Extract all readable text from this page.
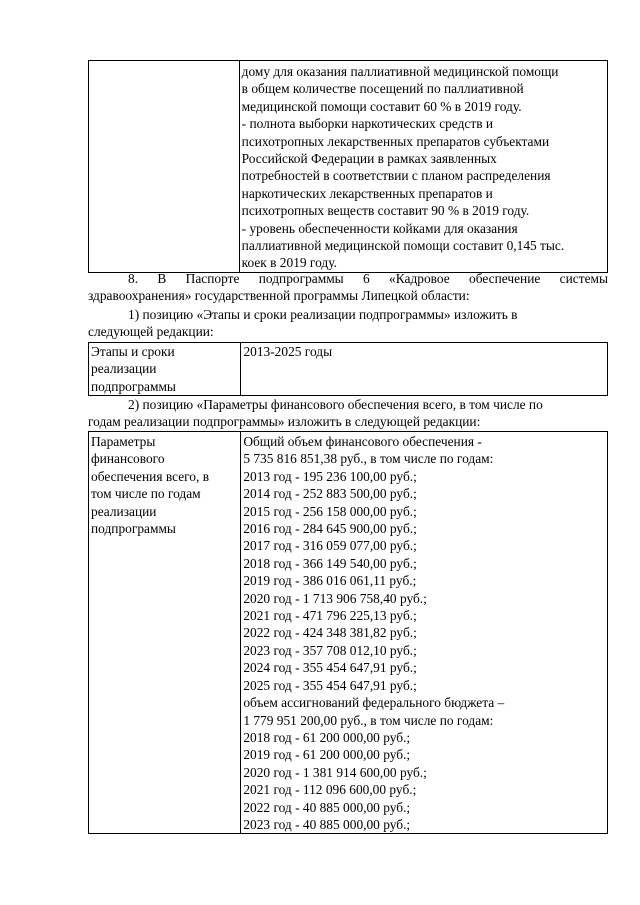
дому для оказания паллиативной медицинской помощи
в общем количестве посещений по паллиативной
медицинской помощи составит 60 % в 2019 году.
- полнота выборки наркотических средств и
психотропных лекарственных препаратов субъектами
Российской Федерации в рамках заявленных
потребностей в соответствии с планом распределения
наркотических лекарственных препаратов и
психотропных веществ составит 90 % в 2019 году.
- уровень обеспеченности койками для оказания
паллиативной медицинской помощи составит 0,145 тыс.
коек в 2019 году.
8. В Паспорте подпрограммы 6 «Кадровое обеспечение системы
здравоохранения» государственной программы Липецкой области:
1) позицию «Этапы и сроки реализации подпрограммы» изложить в
следующей редакции:
Этапы и сроки
реализации
подпрограммы

2013-2025 годы
2) позицию «Параметры финансового обеспечения всего, в том числе по
годам реализации подпрограммы» изложить в следующей редакции:
Параметры
финансового
обеспечения всего, в
том числе по годам
реализации
подпрограммы

Общий объем финансового обеспечения -
5 735 816 851,38 руб., в том числе по годам:
2013 год - 195 236 100,00 руб.;
2014 год - 252 883 500,00 руб.;
2015 год - 256 158 000,00 руб.;
2016 год - 284 645 900,00 руб.;
2017 год - 316 059 077,00 руб.;
2018 год - 366 149 540,00 руб.;
2019 год - 386 016 061,11 руб.;
2020 год - 1 713 906 758,40 руб.;
2021 год - 471 796 225,13 руб.;
2022 год - 424 348 381,82 руб.;
2023 год - 357 708 012,10 руб.;
2024 год - 355 454 647,91 руб.;
2025 год - 355 454 647,91 руб.;
объем ассигнований федерального бюджета –
1 779 951 200,00 руб., в том числе по годам:
2018 год - 61 200 000,00 руб.;
2019 год - 61 200 000,00 руб.;
2020 год - 1 381 914 600,00 руб.;
2021 год - 112 096 600,00 руб.;
2022 год - 40 885 000,00 руб.;
2023 год - 40 885 000,00 руб.;
